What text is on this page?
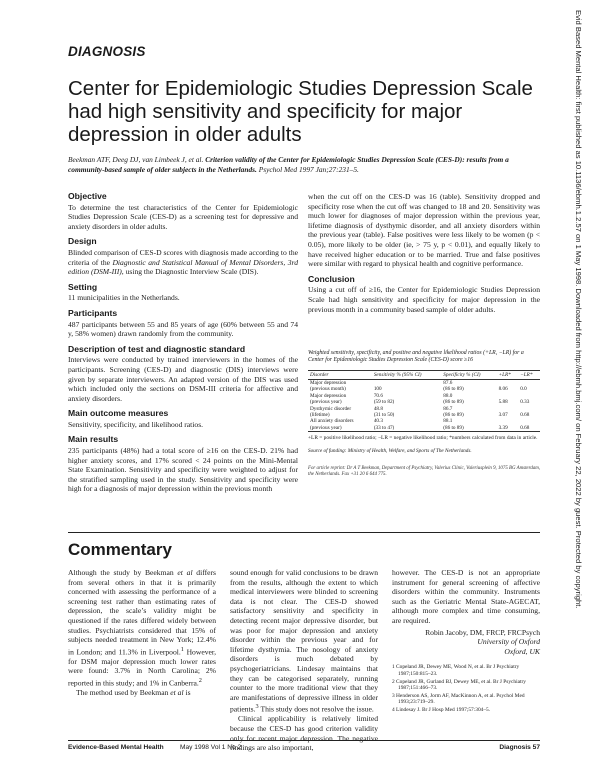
DIAGNOSIS
Center for Epidemiologic Studies Depression Scale had high sensitivity and specificity for major depression in older adults
Beekman ATF, Deeg DJ, van Limbeek J, et al. Criterion validity of the Center for Epidemiologic Studies Depression Scale (CES-D): results from a community-based sample of older subjects in the Netherlands. Psychol Med 1997 Jan;27:231–5.
Objective

To determine the test characteristics of the Center for Epidemiologic Studies Depression Scale (CES-D) as a screening test for depressive and anxiety disorders in older adults.

Design

Blinded comparison of CES-D scores with diagnosis made according to the criteria of the Diagnostic and Statistical Manual of Mental Disorders, 3rd edition (DSM-III), using the Diagnostic Interview Scale (DIS).

Setting

11 municipalities in the Netherlands.

Participants

487 participants between 55 and 85 years of age (60% between 55 and 74 y, 58% women) drawn randomly from the community.

Description of test and diagnostic standard

Interviews were conducted by trained interviewers in the homes of the participants. Screening (CES-D) and diagnostic (DIS) interviews were given by separate interviewers. An adapted version of the DIS was used which included only the sections on DSM-III criteria for affective and anxiety disorders.

Main outcome measures

Sensitivity, specificity, and likelihood ratios.

Main results

235 participants (48%) had a total score of ≥16 on the CES-D. 21% had higher anxiety scores, and 17% scored < 24 points on the Mini-Mental State Examination. Sensitivity and specificity were weighted to adjust for the stratified sampling used in the study. Sensitivity and specificity were high for a diagnosis of major depression within the previous month

when the cut off on the CES-D was 16 (table). Sensitivity dropped and specificity rose when the cut off was changed to 18 and 20. Sensitivity was much lower for diagnoses of major depression within the previous year, lifetime diagnosis of dysthymic disorder, and all anxiety disorders within the previous year (table). False positives were less likely to be women (p < 0.05), more likely to be older (ie, > 75 y, p < 0.01), and equally likely to have received higher education or to be married. True and false positives were similar with regard to physical health and cognitive performance.

Conclusion

Using a cut off of ≥16, the Center for Epidemiologic Studies Depression Scale had high sensitivity and specificity for major depression in the previous month in a community based sample of older adults.

Weighted sensitivity, specificity, and positive and negative likelihood ratios (+LR, −LR) for a Center for Epidemiologic Studies Depression Scale (CES-D) score ≥16
Disorder	Sensitivity % (95% CI)	Specificity % (CI)	+LR*	−LR*
Major depression		87.6		
(previous month)	100	(86 to 89)	8.06	0.0
Major depression	70.6	88.0		
(previous year)	(59 to 82)	(86 to 89)	5.88	0.33
Dysthymic disorder	48.8	86.7		
(lifetime)	(31 to 50)	(86 to 89)	3.07	0.68
All anxiety disorders	40.3	88.1		
(previous year)	(33 to 47)	(86 to 89)	3.39	0.68
+LR = positive likelihood ratio; −LR = negative likelihood ratio; *numbers calculated from data in article.
Source of funding: Ministry of Health, Welfare, and Sports of The Netherlands.
For article reprint: Dr A T Beekman, Department of Psychiatry, Valerius Clinic, Valeriusplein 9, 1075 BG Amsterdam, the Netherlands. Fax +31 20 6 644 775.
Commentary

Although the study by Beekman et al differs from several others in that it is primarily concerned with assessing the performance of a screening test rather than estimating rates of depression, the scale’s validity might be questioned if the rates differed widely between studies. Psychiatrists considered that 15% of subjects needed treatment in New York; 12.4% in London; and 11.3% in Liverpool.$^1$ However, for DSM major depression much lower rates were found: 3.7% in North Carolina; 2% reported in this study; and 1% in Canberra.$^2$

The method used by Beekman et al is

sound enough for valid conclusions to be drawn from the results, although the extent to which medical interviewers were blinded to screening data is not clear. The CES-D showed satisfactory sensitivity and specificity in detecting recent major depressive disorder, but was poor for major depression and anxiety disorder within the previous year and for lifetime dysthymia. The nosology of anxiety disorders is much debated by psychogeriatricians. Lindesay maintains that they can be categorised separately, running counter to the more traditional view that they are manifestations of depressive illness in older patients.$^3$ This study does not resolve the issue.

Clinical applicability is relatively limited because the CES-D has good criterion validity only for recent major depression. The negative findings are also important,

however. The CES-D is not an appropriate instrument for general screening of affective disorders within the community. Instruments such as the Geriatric Mental State-AGECAT, although more complex and time consuming, are required.

Robin Jacoby, DM, FRCP, FRCPsych
University of Oxford
Oxford, UK
1 Copeland JR, Dewey ME, Wood N, et al. Br J Psychiatry 1987;150:815–23.
2 Copeland JR, Gurland BJ, Dewey ME, et al. Br J Psychiatry 1987;151:466–73.
3 Henderson AS, Jorm AF, MacKinnon A, et al. Psychol Med 1993;23:719–29.
4 Lindesay J. Br J Hosp Med 1997;57:304–5.
Evidence-Based Mental Health May 1998 Vol 1 No 2	Diagnosis 57
Evid Based Mental Health: first published as 10.1136/ebmh.1.2.57 on 1 May 1998. Downloaded from http://ebmh.bmj.com/ on February 22, 2022 by guest. Protected by copyright.
